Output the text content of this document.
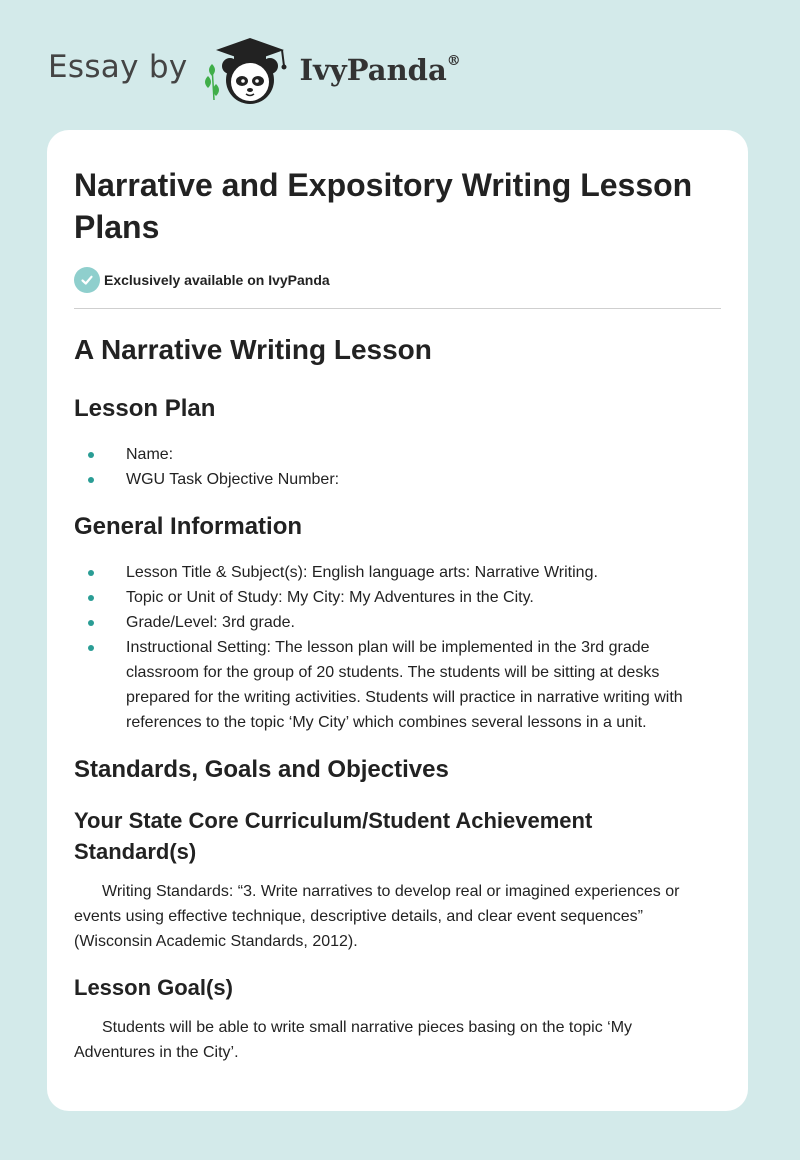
Essay by	IvyPanda®
Narrative and Expository Writing Lesson Plans
Exclusively available on IvyPanda
A Narrative Writing Lesson
Lesson Plan
Name:
WGU Task Objective Number:
General Information
Lesson Title & Subject(s): English language arts: Narrative Writing.
Topic or Unit of Study: My City: My Adventures in the City.
Grade/Level: 3rd grade.
Instructional Setting: The lesson plan will be implemented in the 3rd grade classroom for the group of 20 students. The students will be sitting at desks prepared for the writing activities. Students will practice in narrative writing with references to the topic ‘My City’ which combines several lessons in a unit.
Standards, Goals and Objectives
Your State Core Curriculum/Student Achievement Standard(s)

Writing Standards: “3. Write narratives to develop real or imagined experiences or events using effective technique, descriptive details, and clear event sequences” (Wisconsin Academic Standards, 2012).

Lesson Goal(s)

Students will be able to write small narrative pieces basing on the topic ‘My Adventures in the City’.
